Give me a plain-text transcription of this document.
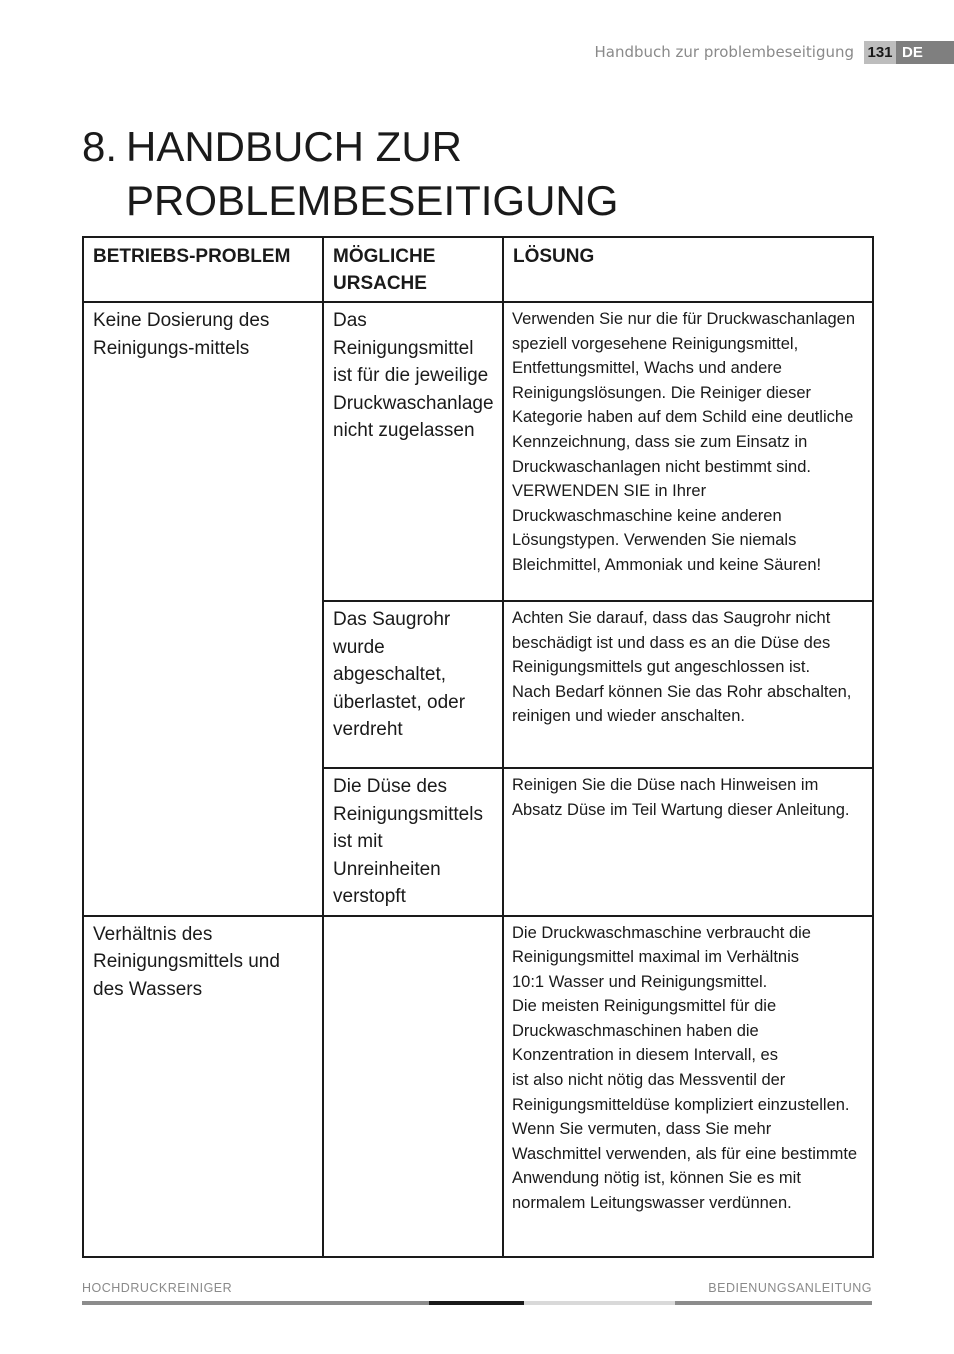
Handbuch zur problembeseitigung 131 DE
8. HANDBUCH ZUR
PROBLEMBESEITIGUNG
BETRIEBS-PROBLEM	MÖGLICHE URSACHE	LÖSUNG
Keine Dosierung des Reinigungs-mittels	Das Reinigungsmittel ist für die jeweilige Druckwaschanlage nicht zugelassen	Verwenden Sie nur die für Druckwaschanlagen speziell vorgesehene Reinigungsmittel, Entfettungsmittel, Wachs und andere Reinigungslösungen. Die Reiniger dieser Kategorie haben auf dem Schild eine deutliche Kennzeichnung, dass sie zum Einsatz in Druckwaschanlagen nicht bestimmt sind.
VERWENDEN SIE in Ihrer Druckwaschmaschine keine anderen Lösungstypen. Verwenden Sie niemals Bleichmittel, Ammoniak und keine Säuren!
	Das Saugrohr wurde abgeschaltet, überlastet, oder verdreht	Achten Sie darauf, dass das Saugrohr nicht beschädigt ist und dass es an die Düse des Reinigungsmittels gut angeschlossen ist.
Nach Bedarf können Sie das Rohr abschalten, reinigen und wieder anschalten.
	Die Düse des Reinigungsmittels ist mit Unreinheiten verstopft	Reinigen Sie die Düse nach Hinweisen im Absatz Düse im Teil Wartung dieser Anleitung.
Verhältnis des Reinigungsmittels und des Wassers		Die Druckwaschmaschine verbraucht die Reinigungsmittel maximal im Verhältnis
10:1 Wasser und Reinigungsmittel.
Die meisten Reinigungsmittel für die Druckwaschmaschinen haben die Konzentration in diesem Intervall, es
ist also nicht nötig das Messventil der Reinigungsmitteldüse kompliziert einzustellen. Wenn Sie vermuten, dass Sie mehr Waschmittel verwenden, als für eine bestimmte Anwendung nötig ist, können Sie es mit normalem Leitungswasser verdünnen.
HOCHDRUCKREINIGER	BEDIENUNGSANLEITUNG
